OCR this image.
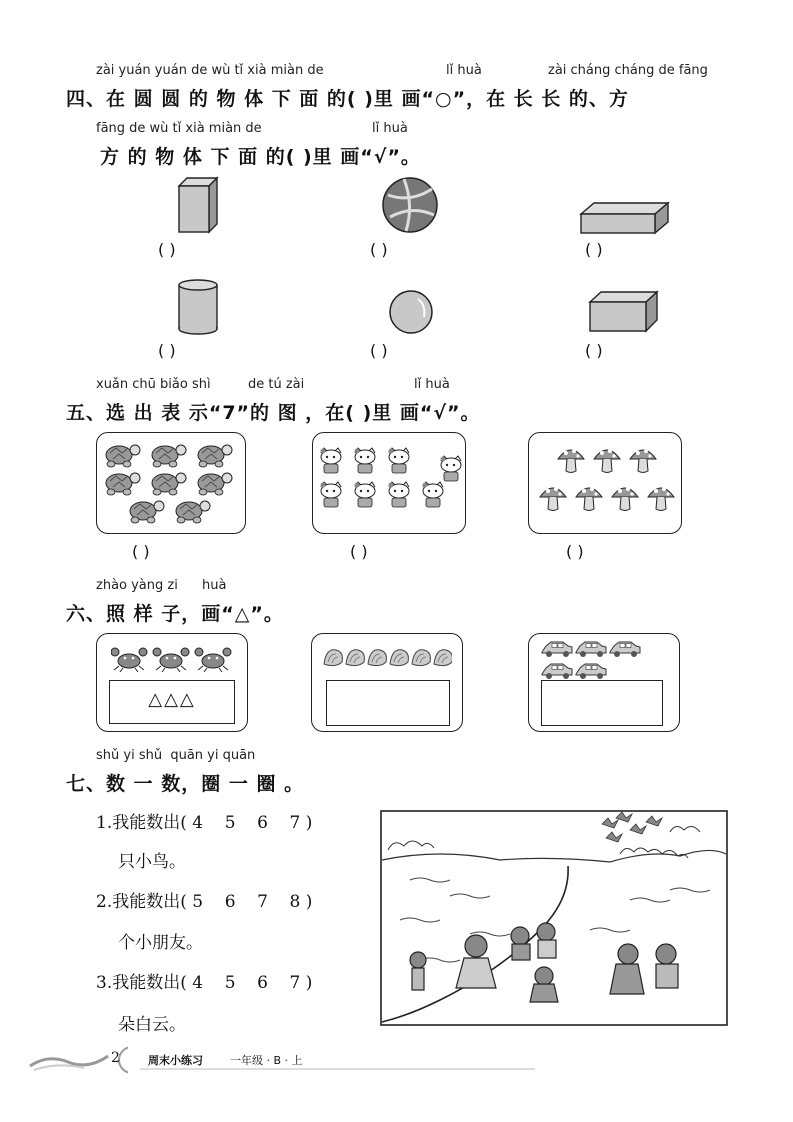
zài yuán yuán de wù tǐ xià miàn de	lǐ huà	zài cháng cháng de fāng
四、在 圆 圆 的 物 体 下 面 的( )里 画“○”，在 长 长 的、方
fāng de wù tǐ xià miàn de	lǐ huà
方 的 物 体 下 面 的( )里 画“√”。
( )	( )	( )
( )	( )	( )
xuǎn chū biǎo shì	de tú zài	lǐ huà
五、选 出 表 示“7”的 图 ，在( )里 画“√”。
( )	( )	( )
zhào yàng zi huà
六、照 样 子，画“△”。
△△△
shǔ yi shǔ  quān yi quān
七、数 一 数，圈 一 圈 。
1.我能数出( 4    5    6    7 )
只小鸟。
2.我能数出( 5    6    7    8 )
个小朋友。
3.我能数出( 4    5    6    7 )
朵白云。
2	周末小练习 一年级 · B · 上
